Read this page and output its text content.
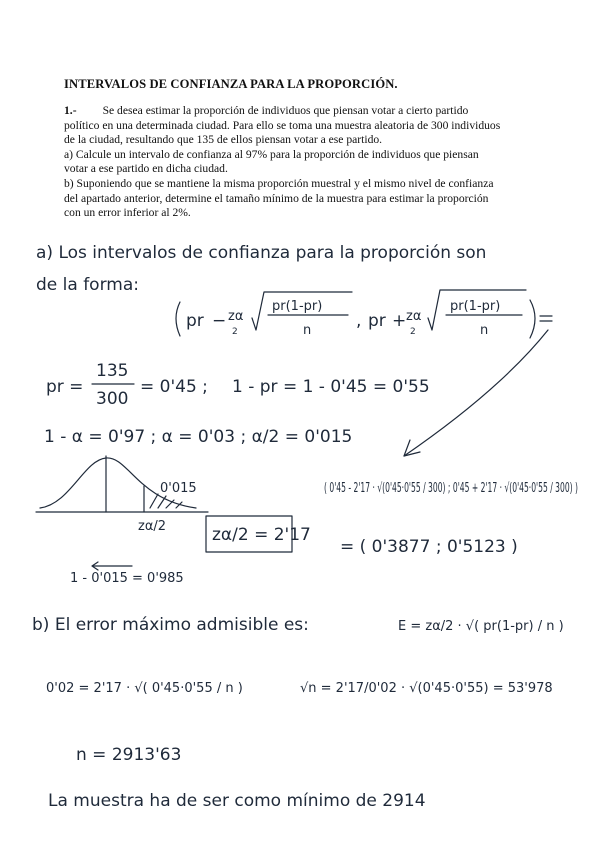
INTERVALOS DE CONFIANZA PARA LA PROPORCIÓN.

1.- Se desea estimar la proporción de individuos que piensan votar a cierto partido político en una determinada ciudad. Para ello se toma una muestra aleatoria de 300 individuos de la ciudad, resultando que 135 de ellos piensan votar a ese partido.

a) Calcule un intervalo de confianza al 97% para la proporción de individuos que piensan votar a ese partido en dicha ciudad.

b) Suponiendo que se mantiene la misma proporción muestral y el mismo nivel de confianza del apartado anterior, determine el tamaño mínimo de la muestra para estimar la proporción con un error inferior al 2%.

a) Los intervalos de confianza para la proporción son
de la forma:
pr − zα
2
pr(1-pr)
n	, pr + zα
2
pr(1-pr)
n
pr =
135
300
= 0'45 ; 1 - pr = 1 - 0'45 = 0'55
1 - α = 0'97 ; α = 0'03 ; α/2 = 0'015
0'015
zα/2
1 - 0'015 = 0'985
zα/2 = 2'17
( 0'45 - 2'17 · √(0'45·0'55 / 300) ; 0'45 + 2'17 · √(0'45·0'55 / 300) )
= ( 0'3877 ; 0'5123 )
b) El error máximo admisible es:	E = zα/2 · √( pr(1-pr) / n )
0'02 = 2'17 · √( 0'45·0'55 / n )	√n = 2'17/0'02 · √(0'45·0'55) = 53'978
n = 2913'63
La muestra ha de ser como mínimo de 2914
